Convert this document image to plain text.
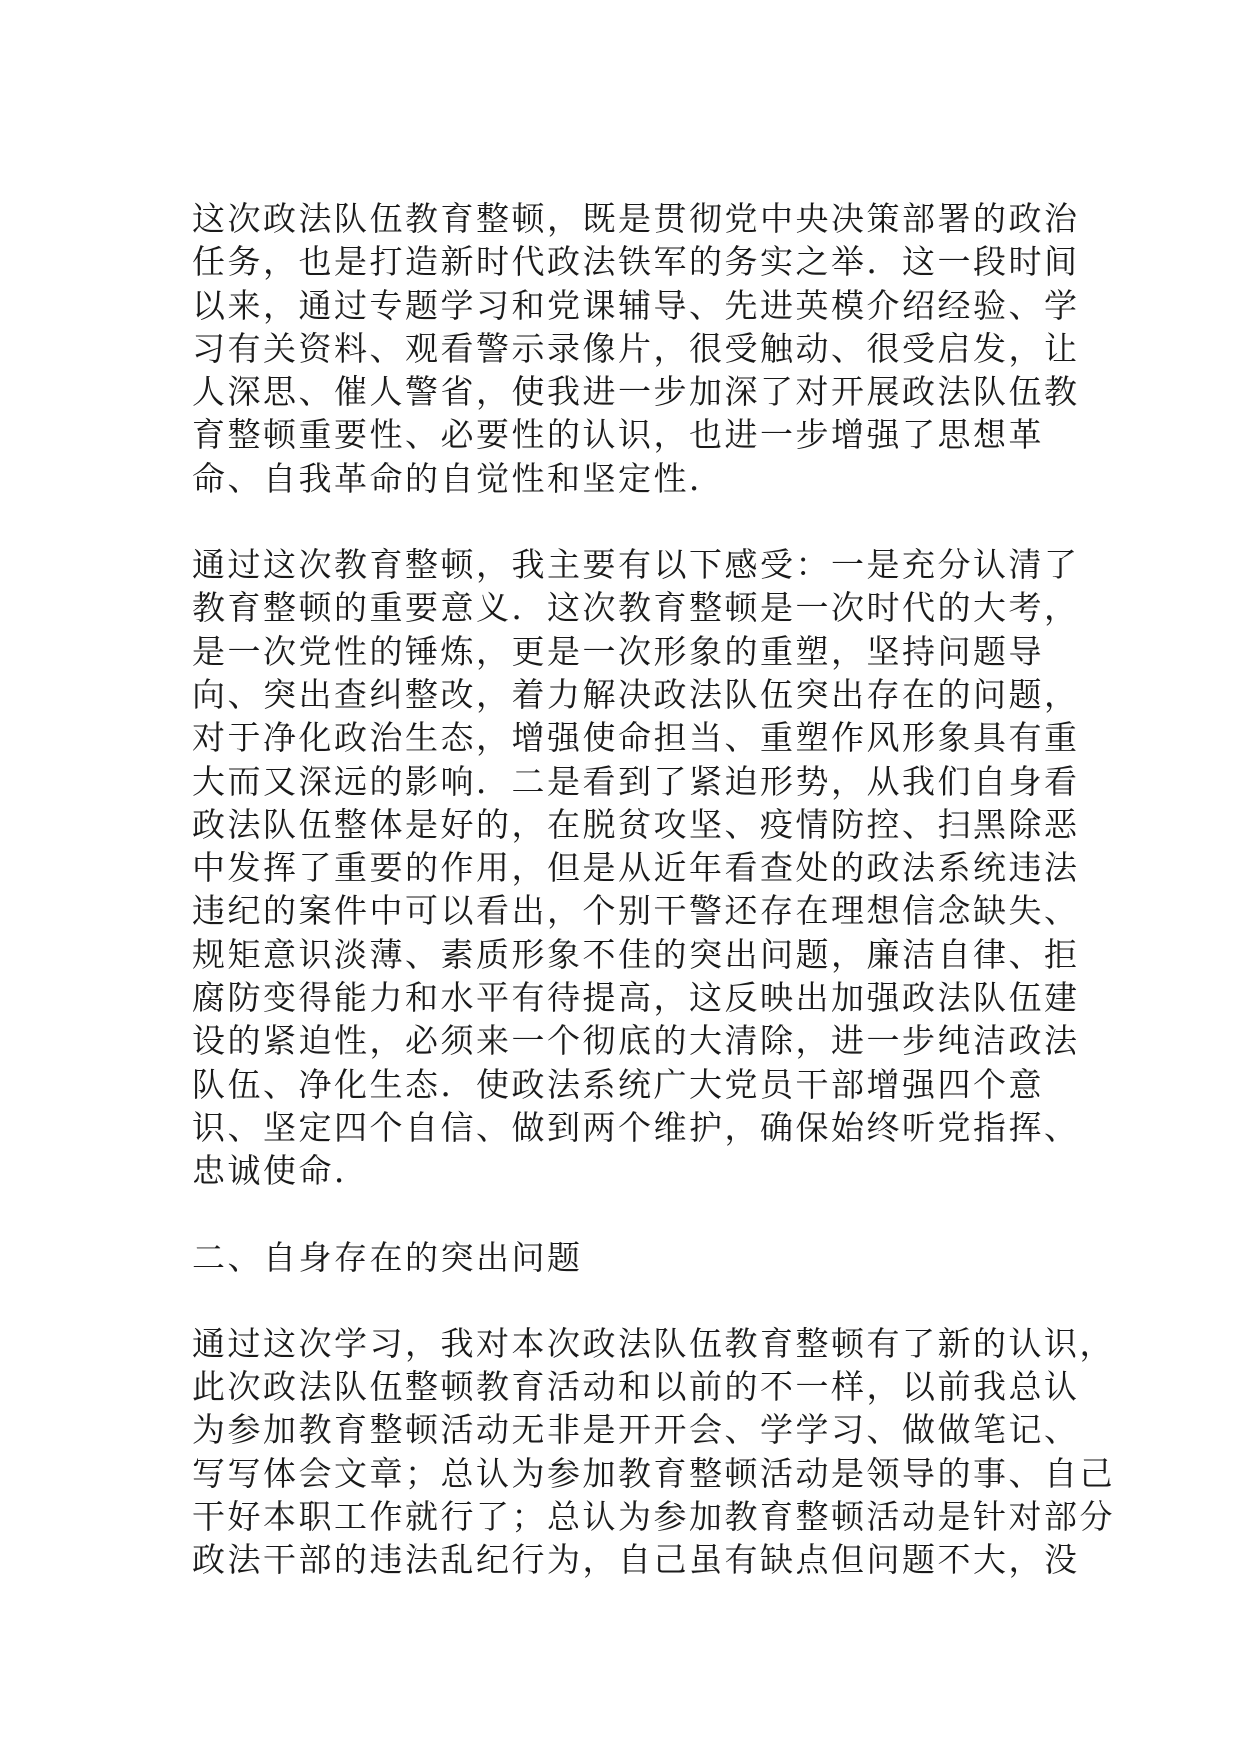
这次政法队伍教育整顿，既是贯彻党中央决策部署的政治
任务，也是打造新时代政法铁军的务实之举．这一段时间
以来，通过专题学习和党课辅导、先进英模介绍经验、学
习有关资料、观看警示录像片，很受触动、很受启发，让
人深思、催人警省，使我进一步加深了对开展政法队伍教
育整顿重要性、必要性的认识，也进一步增强了思想革
命、自我革命的自觉性和坚定性．
通过这次教育整顿，我主要有以下感受：一是充分认清了
教育整顿的重要意义．这次教育整顿是一次时代的大考，
是一次党性的锤炼，更是一次形象的重塑，坚持问题导
向、突出查纠整改，着力解决政法队伍突出存在的问题，
对于净化政治生态，增强使命担当、重塑作风形象具有重
大而又深远的影响．二是看到了紧迫形势，从我们自身看
政法队伍整体是好的，在脱贫攻坚、疫情防控、扫黑除恶
中发挥了重要的作用，但是从近年看查处的政法系统违法
违纪的案件中可以看出，个别干警还存在理想信念缺失、
规矩意识淡薄、素质形象不佳的突出问题，廉洁自律、拒
腐防变得能力和水平有待提高，这反映出加强政法队伍建
设的紧迫性，必须来一个彻底的大清除，进一步纯洁政法
队伍、净化生态．使政法系统广大党员干部增强四个意
识、坚定四个自信、做到两个维护，确保始终听党指挥、
忠诚使命．
二、自身存在的突出问题
通过这次学习，我对本次政法队伍教育整顿有了新的认识，
此次政法队伍整顿教育活动和以前的不一样，以前我总认
为参加教育整顿活动无非是开开会、学学习、做做笔记、
写写体会文章；总认为参加教育整顿活动是领导的事、自己
干好本职工作就行了；总认为参加教育整顿活动是针对部分
政法干部的违法乱纪行为，自己虽有缺点但问题不大，没
